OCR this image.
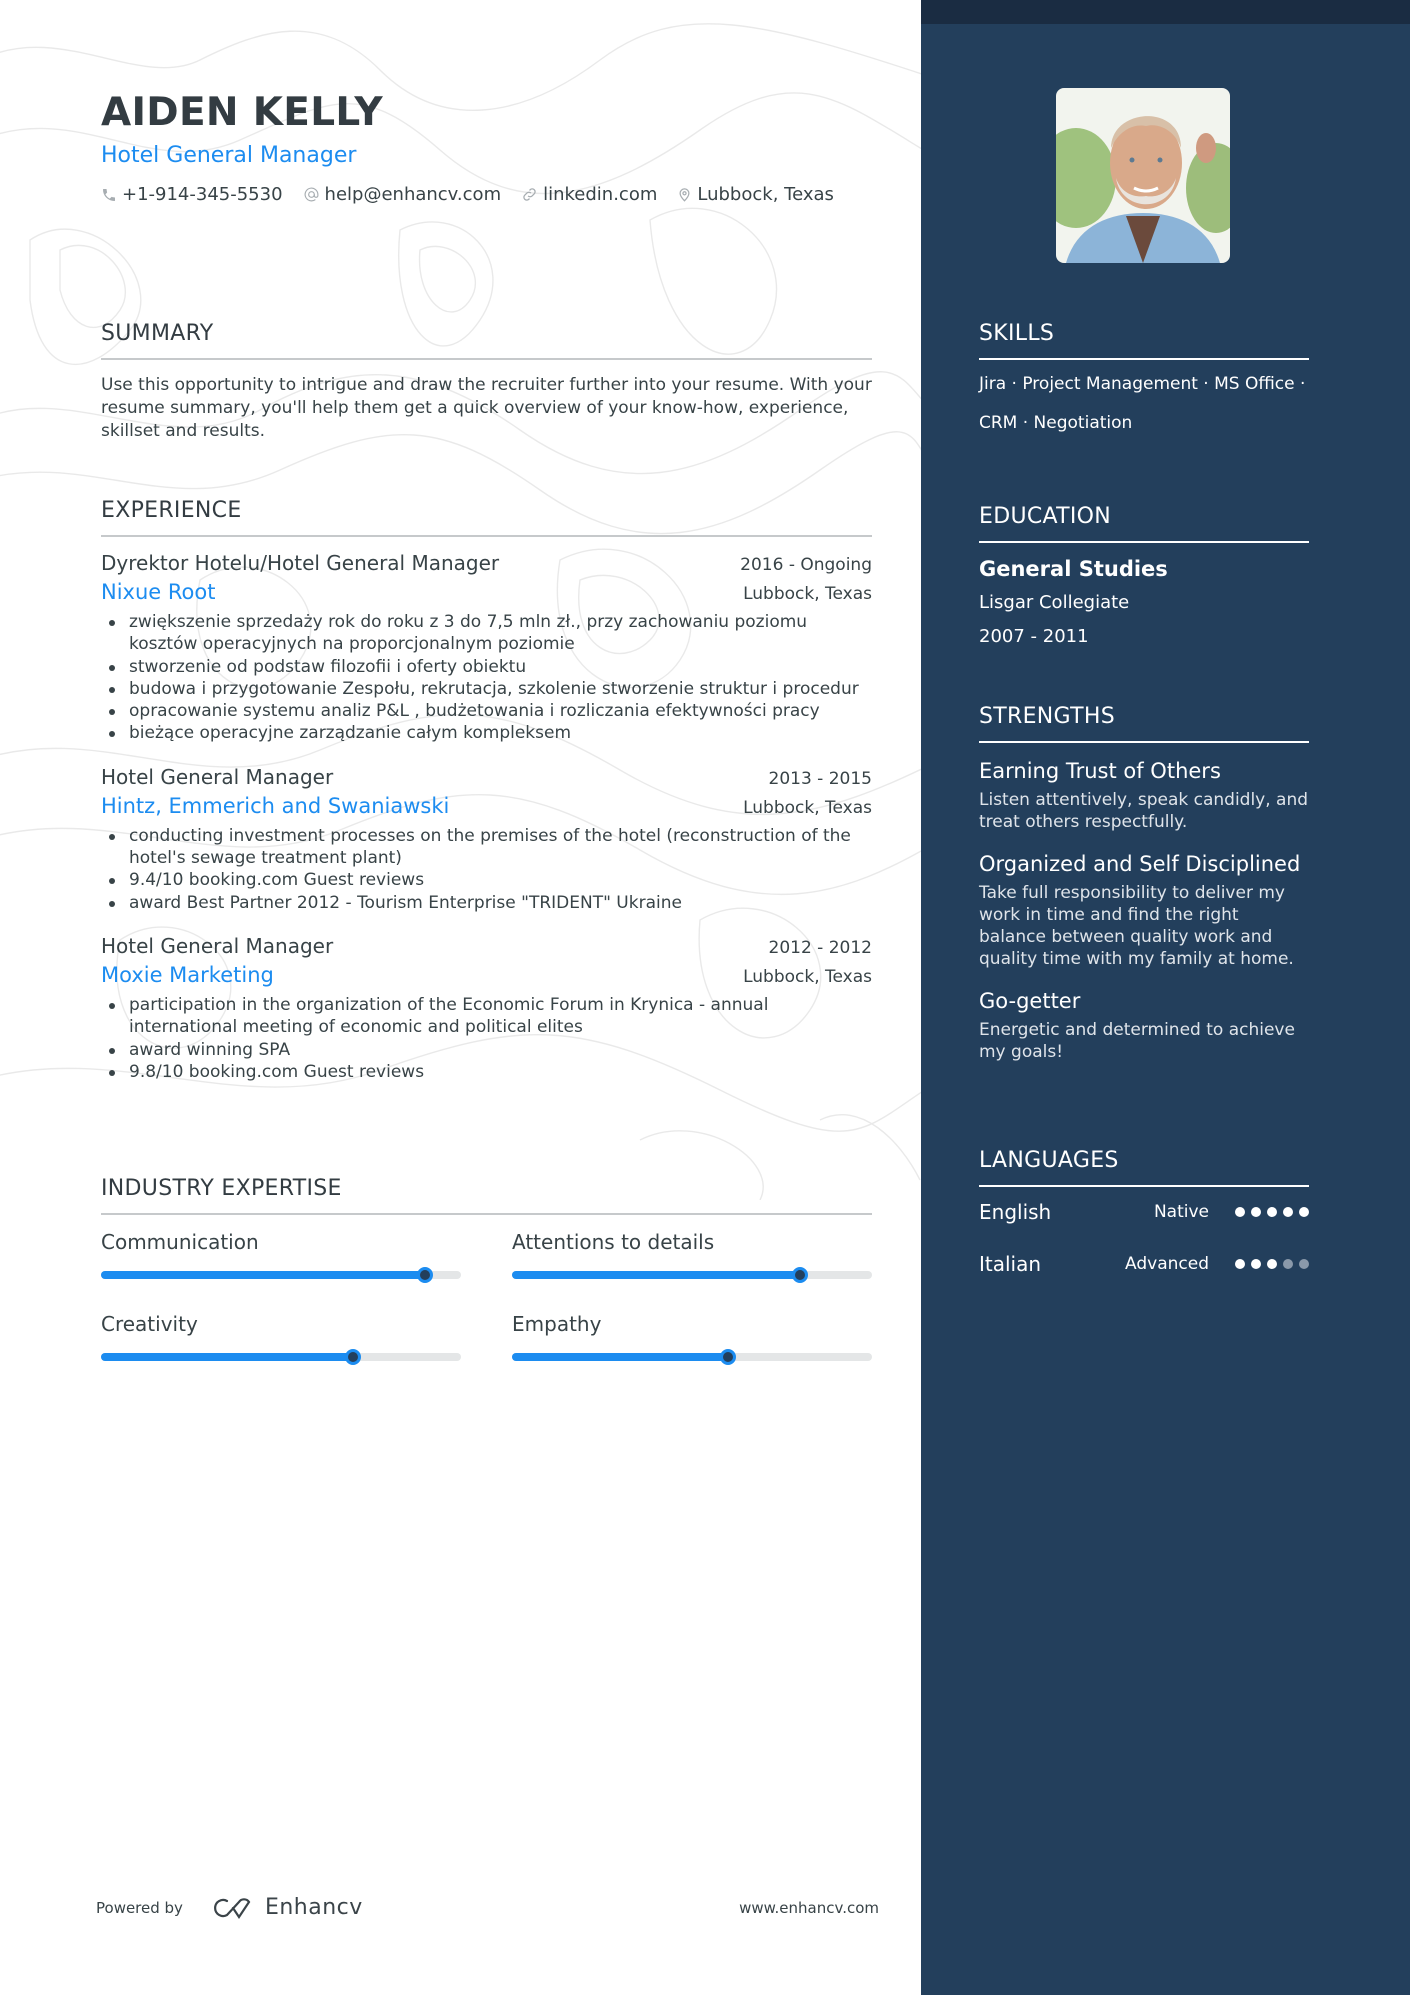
AIDEN KELLY
Hotel General Manager
+1-914-345-5530 help@enhancv.com linkedin.com Lubbock, Texas
SUMMARY
Use this opportunity to intrigue and draw the recruiter further into your resume. With your resume summary, you'll help them get a quick overview of your know-how, experience, skillset and results.
EXPERIENCE
Dyrektor Hotelu/Hotel General Manager	2016 - Ongoing
Nixue Root	Lubbock, Texas
zwiększenie sprzedaży rok do roku z 3 do 7,5 mln zł., przy zachowaniu poziomu kosztów operacyjnych na proporcjonalnym poziomie
stworzenie od podstaw filozofii i oferty obiektu
budowa i przygotowanie Zespołu, rekrutacja, szkolenie stworzenie struktur i procedur
opracowanie systemu analiz P&L , budżetowania i rozliczania efektywności pracy
bieżące operacyjne zarządzanie całym kompleksem
Hotel General Manager	2013 - 2015
Hintz, Emmerich and Swaniawski	Lubbock, Texas
conducting investment processes on the premises of the hotel (reconstruction of the hotel's sewage treatment plant)
9.4/10 booking.com Guest reviews
award Best Partner 2012 - Tourism Enterprise "TRIDENT" Ukraine
Hotel General Manager	2012 - 2012
Moxie Marketing	Lubbock, Texas
participation in the organization of the Economic Forum in Krynica - annual international meeting of economic and political elites
award winning SPA
9.8/10 booking.com Guest reviews
INDUSTRY EXPERTISE
Communication	Attentions to details
Creativity	Empathy
Powered by	Enhancv	www.enhancv.com
SKILLS
Jira · Project Management · MS Office ·
CRM · Negotiation
EDUCATION
General Studies
Lisgar Collegiate
2007 - 2011
STRENGTHS
Earning Trust of Others
Listen attentively, speak candidly, and treat others respectfully.
Organized and Self Disciplined
Take full responsibility to deliver my work in time and find the right balance between quality work and quality time with my family at home.
Go-getter
Energetic and determined to achieve my goals!
LANGUAGES
English	Native
Italian	Advanced
